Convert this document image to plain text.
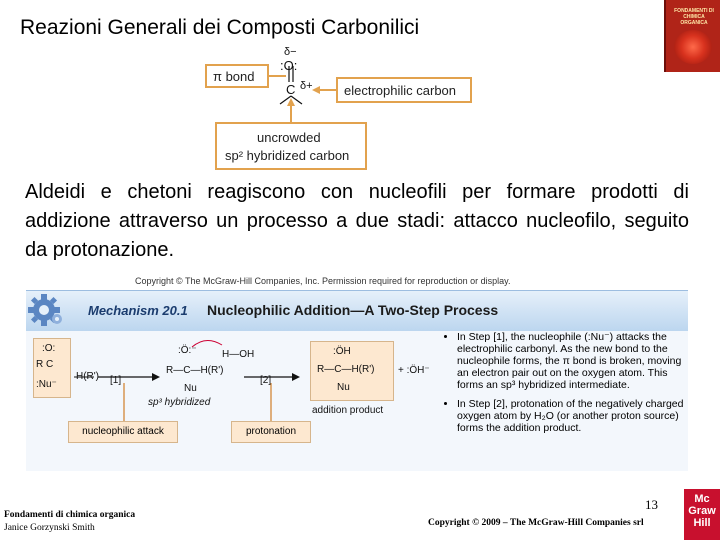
Reazioni Generali dei Composti Carbonilici
FONDAMENTI DI CHIMICA ORGANICA
δ−
:O:
C δ+
π bond
electrophilic carbon
uncrowded
sp² hybridized carbon
Aldeidi e chetoni reagiscono con nucleofili per formare prodotti di addizione attraverso un processo a due stadi: attacco nucleofilo, seguito da protonazione.
Copyright © The McGraw-Hill Companies, Inc. Permission required for reproduction or display.
Mechanism 20.1 Nucleophilic Addition—A Two-Step Process
:O:
R C
:Nu⁻
H(R') [1]
:Ö:⁻
R—C—H(R')
Nu
sp³ hybridized
H—OH
[2]
:ÖH
R—C—H(R')
Nu
+ :ÖH⁻
addition product
nucleophilic attack	protonation
• In Step [1], the nucleophile (:Nu⁻) attacks the electrophilic carbonyl. As the new bond to the nucleophile forms, the π bond is broken, moving an electron pair out on the oxygen atom. This forms an sp³ hybridized intermediate.
• In Step [2], protonation of the negatively charged oxygen atom by H₂O (or another proton source) forms the addition product.
13
Fondamenti di chimica organica
Janice Gorzynski Smith	Copyright © 2009 – The McGraw-Hill Companies srl
Mc Graw Hill
